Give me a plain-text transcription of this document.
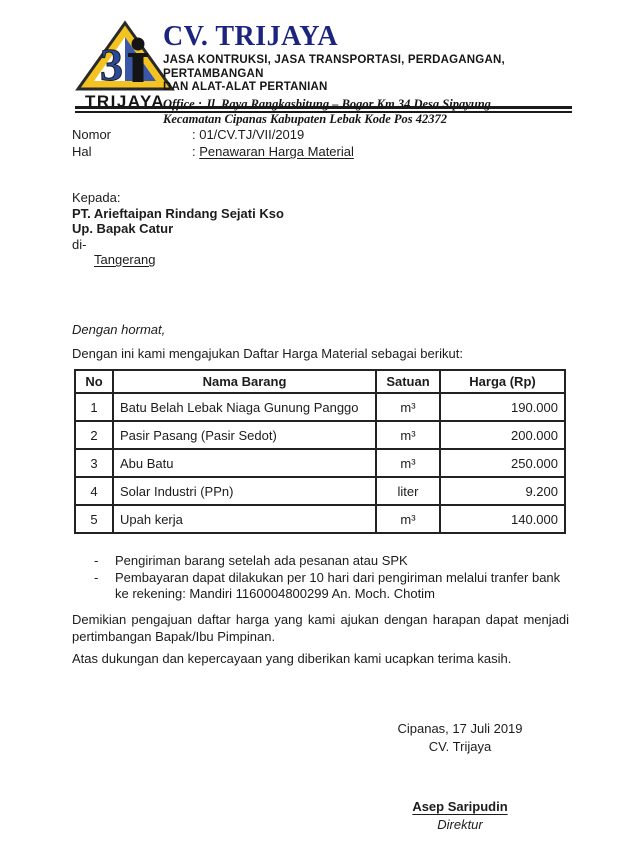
3
TRIJAYA
CV. TRIJAYA
JASA KONTRUKSI, JASA TRANSPORTASI, PERDAGANGAN, PERTAMBANGAN
DAN ALAT-ALAT PERTANIAN
Office : Jl. Raya Rangkasbitung – Bogor Km 34 Desa Sipayung
Kecamatan Cipanas Kabupaten Lebak Kode Pos 42372
Nomor	: 01/CV.TJ/VII/2019
Hal	: Penawaran Harga Material
Kepada:
PT. Arieftaipan Rindang Sejati Kso
Up. Bapak Catur
di-
Tangerang
Dengan hormat,
Dengan ini kami mengajukan Daftar Harga Material sebagai berikut:
No	Nama Barang	Satuan	Harga (Rp)
1	Batu Belah Lebak Niaga Gunung Panggo	m³	190.000
2	Pasir Pasang (Pasir Sedot)	m³	200.000
3	Abu Batu	m³	250.000
4	Solar Industri (PPn)	liter	9.200
5	Upah kerja	m³	140.000
- Pengiriman barang setelah ada pesanan atau SPK
- Pembayaran dapat dilakukan per 10 hari dari pengiriman melalui tranfer bank
ke rekening: Mandiri 1160004800299 An. Moch. Chotim
Demikian pengajuan daftar harga yang kami ajukan dengan harapan dapat menjadi
pertimbangan Bapak/Ibu Pimpinan.
Atas dukungan dan kepercayaan yang diberikan kami ucapkan terima kasih.
Cipanas, 17 Juli 2019
CV. Trijaya
Asep Saripudin
Direktur
